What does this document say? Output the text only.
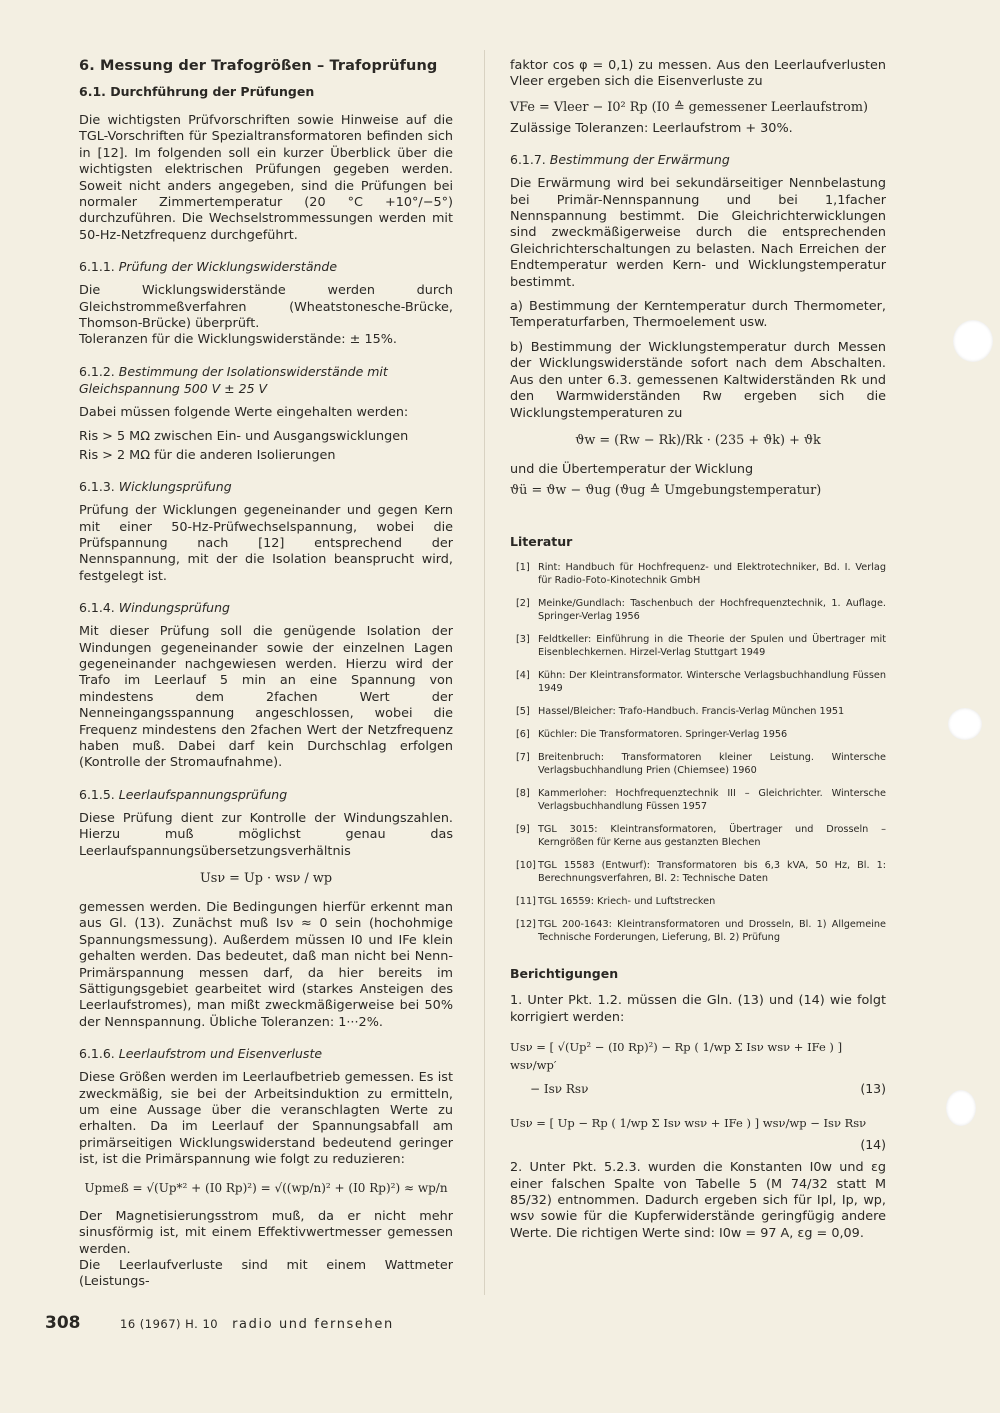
6. Messung der Trafogrößen – Trafoprüfung
6.1. Durchführung der Prüfungen

Die wichtigsten Prüfvorschriften sowie Hinweise auf die TGL-Vorschriften für Spezialtransformatoren befinden sich in [12]. Im folgenden soll ein kurzer Überblick über die wichtigsten elektrischen Prüfungen gegeben werden. Soweit nicht anders angegeben, sind die Prüfungen bei normaler Zimmertemperatur (20 °C +10°/−5°) durchzuführen. Die Wechselstrommessungen werden mit 50-Hz-Netzfrequenz durchgeführt.

6.1.1. Prüfung der Wicklungswiderstände

Die Wicklungswiderstände werden durch Gleichstrommeßverfahren (Wheatstonesche-Brücke, Thomson-Brücke) überprüft.

Toleranzen für die Wicklungswiderstände: ± 15%.

6.1.2. Bestimmung der Isolationswiderstände mit Gleichspannung 500 V ± 25 V

Dabei müssen folgende Werte eingehalten werden:

Ris > 5 MΩ zwischen Ein- und Ausgangswicklungen

Ris > 2 MΩ für die anderen Isolierungen

6.1.3. Wicklungsprüfung

Prüfung der Wicklungen gegeneinander und gegen Kern mit einer 50-Hz-Prüfwechselspannung, wobei die Prüfspannung nach [12] entsprechend der Nennspannung, mit der die Isolation beansprucht wird, festgelegt ist.

6.1.4. Windungsprüfung

Mit dieser Prüfung soll die genügende Isolation der Windungen gegeneinander sowie der einzelnen Lagen gegeneinander nachgewiesen werden. Hierzu wird der Trafo im Leerlauf 5 min an eine Spannung von mindestens dem 2fachen Wert der Nenneingangsspannung angeschlossen, wobei die Frequenz mindestens den 2fachen Wert der Netzfrequenz haben muß. Dabei darf kein Durchschlag erfolgen (Kontrolle der Stromaufnahme).

6.1.5. Leerlaufspannungsprüfung

Diese Prüfung dient zur Kontrolle der Windungszahlen. Hierzu muß möglichst genau das Leerlaufspannungsübersetzungsverhältnis

Usν = Up · wsν / wp

gemessen werden. Die Bedingungen hierfür erkennt man aus Gl. (13). Zunächst muß Isν ≈ 0 sein (hochohmige Spannungsmessung). Außerdem müssen I0 und IFe klein gehalten werden. Das bedeutet, daß man nicht bei Nenn-Primärspannung messen darf, da hier bereits im Sättigungsgebiet gearbeitet wird (starkes Ansteigen des Leerlaufstromes), man mißt zweckmäßigerweise bei 50% der Nennspannung. Übliche Toleranzen: 1···2%.

6.1.6. Leerlaufstrom und Eisenverluste

Diese Größen werden im Leerlaufbetrieb gemessen. Es ist zweckmäßig, sie bei der Arbeitsinduktion zu ermitteln, um eine Aussage über die veranschlagten Werte zu erhalten. Da im Leerlauf der Spannungsabfall am primärseitigen Wicklungswiderstand bedeutend geringer ist, ist die Primärspannung wie folgt zu reduzieren:

Upmeß = √(Up*² + (I0 Rp)²) = √((wp/n)² + (I0 Rp)²) ≈ wp/n

Der Magnetisierungsstrom muß, da er nicht mehr sinusförmig ist, mit einem Effektivwertmesser gemessen werden.

Die Leerlaufverluste sind mit einem Wattmeter (Leistungs-

faktor cos φ = 0,1) zu messen. Aus den Leerlaufverlusten Vleer ergeben sich die Eisenverluste zu

VFe = Vleer − I0² Rp (I0 ≙ gemessener Leerlaufstrom)

Zulässige Toleranzen: Leerlaufstrom + 30%.

6.1.7. Bestimmung der Erwärmung

Die Erwärmung wird bei sekundärseitiger Nennbelastung bei Primär-Nennspannung und bei 1,1facher Nennspannung bestimmt. Die Gleichrichterwicklungen sind zweckmäßigerweise durch die entsprechenden Gleichrichterschaltungen zu belasten. Nach Erreichen der Endtemperatur werden Kern- und Wicklungstemperatur bestimmt.

a) Bestimmung der Kerntemperatur durch Thermometer, Temperaturfarben, Thermoelement usw.

b) Bestimmung der Wicklungstemperatur durch Messen der Wicklungswiderstände sofort nach dem Abschalten. Aus den unter 6.3. gemessenen Kaltwiderständen Rk und den Warmwiderständen Rw ergeben sich die Wicklungstemperaturen zu

ϑw = (Rw − Rk)/Rk · (235 + ϑk) + ϑk

und die Übertemperatur der Wicklung

ϑü = ϑw − ϑug (ϑug ≙ Umgebungstemperatur)
Literatur
[1] Rint: Handbuch für Hochfrequenz- und Elektrotechniker, Bd. I. Verlag für Radio-Foto-Kinotechnik GmbH
[2] Meinke/Gundlach: Taschenbuch der Hochfrequenztechnik, 1. Auflage. Springer-Verlag 1956
[3] Feldtkeller: Einführung in die Theorie der Spulen und Übertrager mit Eisenblechkernen. Hirzel-Verlag Stuttgart 1949
[4] Kühn: Der Kleintransformator. Wintersche Verlagsbuchhandlung Füssen 1949
[5] Hassel/Bleicher: Trafo-Handbuch. Francis-Verlag München 1951
[6] Küchler: Die Transformatoren. Springer-Verlag 1956
[7] Breitenbruch: Transformatoren kleiner Leistung. Wintersche Verlagsbuchhandlung Prien (Chiemsee) 1960
[8] Kammerloher: Hochfrequenztechnik III – Gleichrichter. Wintersche Verlagsbuchhandlung Füssen 1957
[9] TGL 3015: Kleintransformatoren, Übertrager und Drosseln – Kerngrößen für Kerne aus gestanzten Blechen
[10] TGL 15583 (Entwurf): Transformatoren bis 6,3 kVA, 50 Hz, Bl. 1: Berechnungsverfahren, Bl. 2: Technische Daten
[11] TGL 16559: Kriech- und Luftstrecken
[12] TGL 200-1643: Kleintransformatoren und Drosseln, Bl. 1) Allgemeine Technische Forderungen, Lieferung, Bl. 2) Prüfung
Berichtigungen

1. Unter Pkt. 1.2. müssen die Gln. (13) und (14) wie folgt korrigiert werden:

Usν = [ √(Up² − (I0 Rp)²) − Rp ( 1/wp Σ Isν wsν + IFe ) ] wsν/wp′
− Isν Rsν	(13)
Usν = [ Up − Rp ( 1/wp Σ Isν wsν + IFe ) ] wsν/wp − Isν Rsν
(14)

2. Unter Pkt. 5.2.3. wurden die Konstanten I0w und εg einer falschen Spalte von Tabelle 5 (M 74/32 statt M 85/32) entnommen. Dadurch ergeben sich für Ipl, Ip, wp, wsν sowie für die Kupferwiderstände geringfügig andere Werte. Die richtigen Werte sind: I0w = 97 A, εg = 0,09.

308	16 (1967) H. 10 radio und fernsehen
